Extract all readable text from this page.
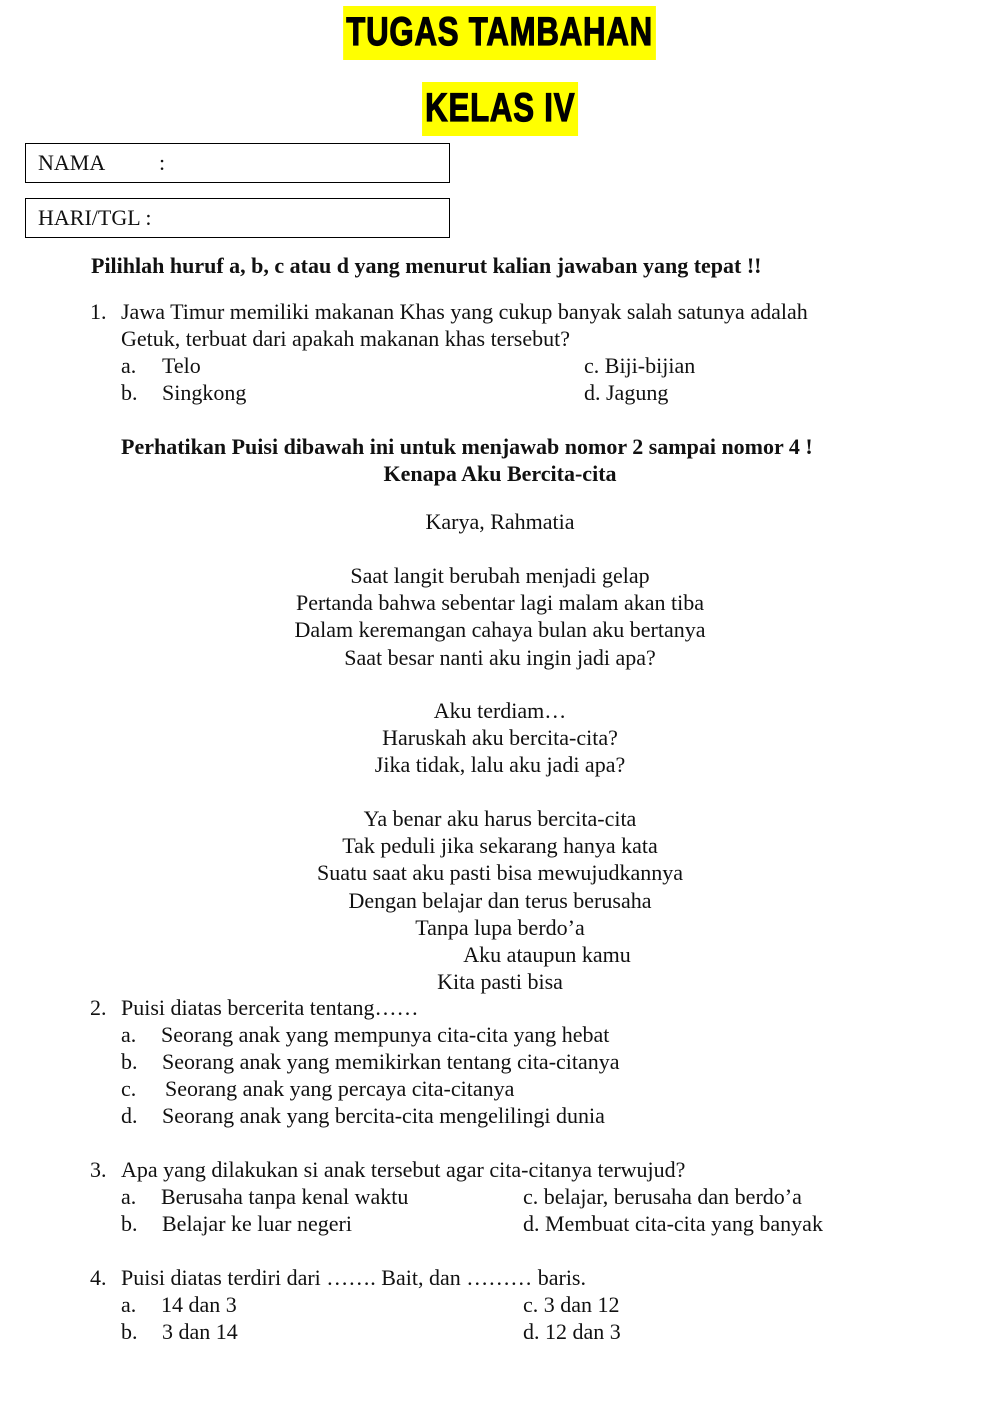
TUGAS TAMBAHAN
KELAS IV
NAMA :
HARI/TGL :
Pilihlah huruf a, b, c atau d yang menurut kalian jawaban yang tepat !!
1. Jawa Timur memiliki makanan Khas yang cukup banyak salah satunya adalah
Getuk, terbuat dari apakah makanan khas tersebut?
a. Telo
b. Singkong
c. Biji-bijian
d. Jagung
Perhatikan Puisi dibawah ini untuk menjawab nomor 2 sampai nomor 4 !
Kenapa Aku Bercita-cita
Karya, Rahmatia
Saat langit berubah menjadi gelap
Pertanda bahwa sebentar lagi malam akan tiba
Dalam keremangan cahaya bulan aku bertanya
Saat besar nanti aku ingin jadi apa?
Aku terdiam…
Haruskah aku bercita-cita?
Jika tidak, lalu aku jadi apa?
Ya benar aku harus bercita-cita
Tak peduli jika sekarang hanya kata
Suatu saat aku pasti bisa mewujudkannya
Dengan belajar dan terus berusaha
Tanpa lupa berdo’a
Aku ataupun kamu
Kita pasti bisa
2. Puisi diatas bercerita tentang……
a. Seorang anak yang mempunya cita-cita yang hebat
b. Seorang anak yang memikirkan tentang cita-citanya
c. Seorang anak yang percaya cita-citanya
d. Seorang anak yang bercita-cita mengelilingi dunia
3. Apa yang dilakukan si anak tersebut agar cita-citanya terwujud?
a. Berusaha tanpa kenal waktu
b. Belajar ke luar negeri
c. belajar, berusaha dan berdo’a
d. Membuat cita-cita yang banyak
4. Puisi diatas terdiri dari ……. Bait, dan ……… baris.
a. 14 dan 3
b. 3 dan 14
c. 3 dan 12
d. 12 dan 3
